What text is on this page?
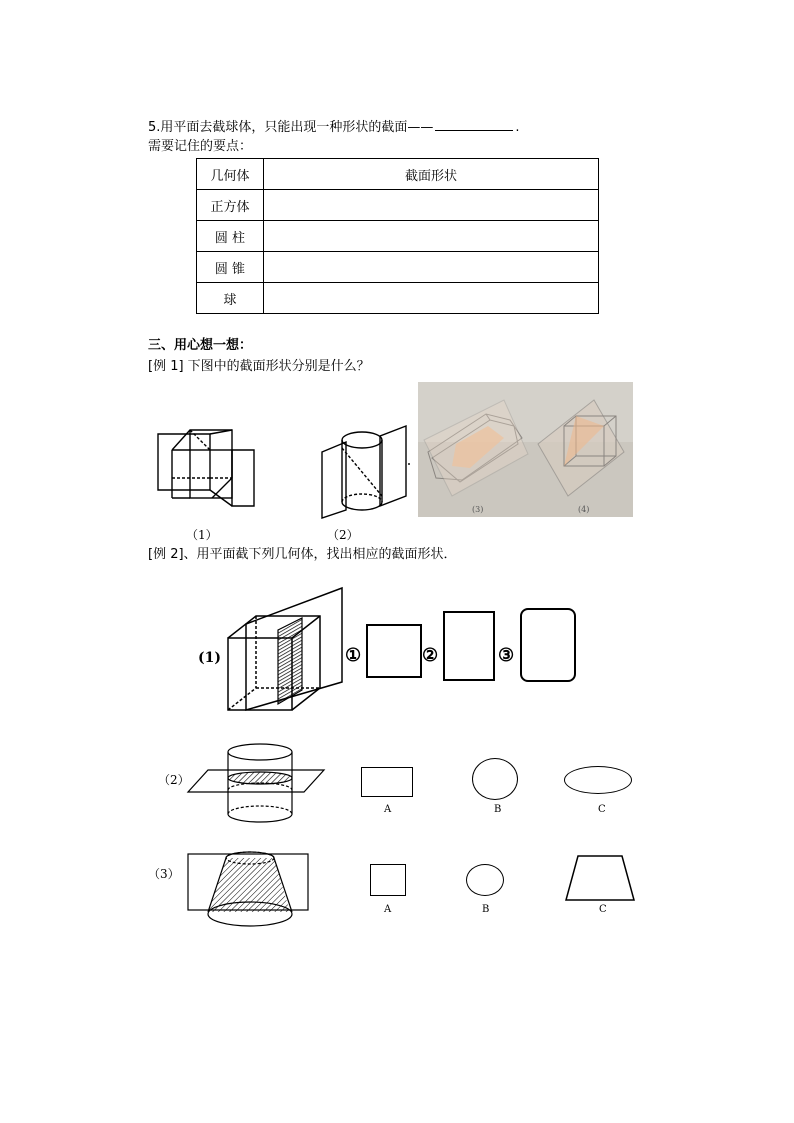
5.用平面去截球体，只能出现一种形状的截面——	.
需要记住的要点：
几何体	截面形状
正方体	
圆 柱	
圆 锥	
球	
三、用心想一想：
[例 1] 下图中的截面形状分别是什么？
（1）	（2）
(3)	(4)
[例 2]、用平面截下列几何体，找出相应的截面形状．
(1)	①	②	③
（2）
A	B	C
（3）
A	B	C
